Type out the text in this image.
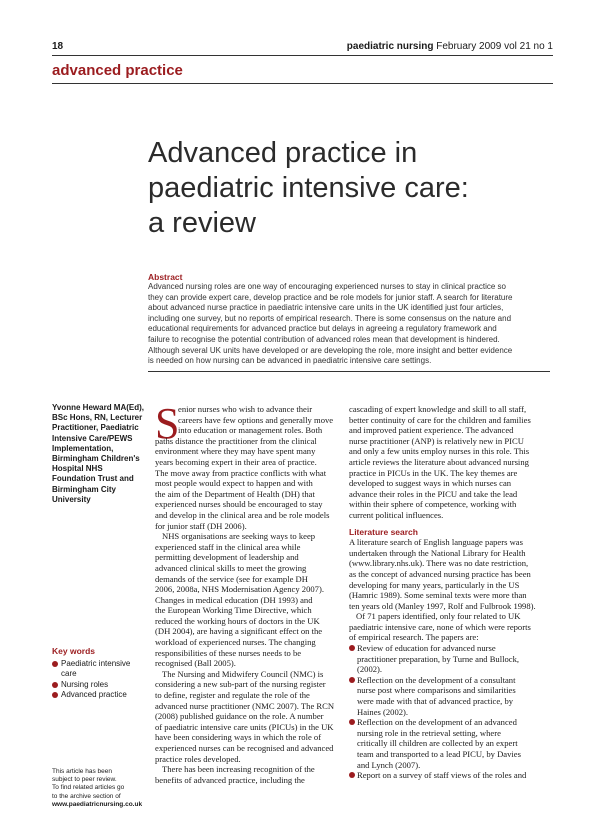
18	paediatric nursing February 2009 vol 21 no 1
advanced practice
Advanced practice in
paediatric intensive care:
a review
Abstract
Advanced nursing roles are one way of encouraging experienced nurses to stay in clinical practice so
they can provide expert care, develop practice and be role models for junior staff. A search for literature
about advanced nurse practice in paediatric intensive care units in the UK identified just four articles,
including one survey, but no reports of empirical research. There is some consensus on the nature and
educational requirements for advanced practice but delays in agreeing a regulatory framework and
failure to recognise the potential contribution of advanced roles mean that development is hindered.
Although several UK units have developed or are developing the role, more insight and better evidence
is needed on how nursing can be advanced in paediatric intensive care settings.
Yvonne Heward MA(Ed),
BSc Hons, RN, Lecturer
Practitioner, Paediatric
Intensive Care/PEWS
Implementation,
Birmingham Children's
Hospital NHS
Foundation Trust and
Birmingham City
University
Key words
Paediatric intensive
care
Nursing roles
Advanced practice
This article has been
subject to peer review.
To find related articles go
to the archive section of
www.paediatricnursing.co.uk
S
enior nurses who wish to advance their
careers have few options and generally move
into education or management roles. Both
paths distance the practitioner from the clinical
environment where they may have spent many
years becoming expert in their area of practice.
The move away from practice conflicts with what
most people would expect to happen and with
the aim of the Department of Health (DH) that
experienced nurses should be encouraged to stay
and develop in the clinical area and be role models
for junior staff (DH 2006).
NHS organisations are seeking ways to keep
experienced staff in the clinical area while
permitting development of leadership and
advanced clinical skills to meet the growing
demands of the service (see for example DH
2006, 2008a, NHS Modernisation Agency 2007).
Changes in medical education (DH 1993) and
the European Working Time Directive, which
reduced the working hours of doctors in the UK
(DH 2004), are having a significant effect on the
workload of experienced nurses. The changing
responsibilities of these nurses needs to be
recognised (Ball 2005).
The Nursing and Midwifery Council (NMC) is
considering a new sub-part of the nursing register
to define, register and regulate the role of the
advanced nurse practitioner (NMC 2007). The RCN
(2008) published guidance on the role. A number
of paediatric intensive care units (PICUs) in the UK
have been considering ways in which the role of
experienced nurses can be recognised and advanced
practice roles developed.
There has been increasing recognition of the
benefits of advanced practice, including the
cascading of expert knowledge and skill to all staff,
better continuity of care for the children and families
and improved patient experience. The advanced
nurse practitioner (ANP) is relatively new in PICU
and only a few units employ nurses in this role. This
article reviews the literature about advanced nursing
practice in PICUs in the UK. The key themes are
developed to suggest ways in which nurses can
advance their roles in the PICU and take the lead
within their sphere of competence, working with
current political influences.
Literature search
A literature search of English language papers was
undertaken through the National Library for Health
(www.library.nhs.uk). There was no date restriction,
as the concept of advanced nursing practice has been
developing for many years, particularly in the US
(Hamric 1989). Some seminal texts were more than
ten years old (Manley 1997, Rolf and Fulbrook 1998).
Of 71 papers identified, only four related to UK
paediatric intensive care, none of which were reports
of empirical research. The papers are:
Review of education for advanced nurse
practitioner preparation, by Turne and Bullock,
(2002).
Reflection on the development of a consultant
nurse post where comparisons and similarities
were made with that of advanced practice, by
Haines (2002).
Reflection on the development of an advanced
nursing role in the retrieval setting, where
critically ill children are collected by an expert
team and transported to a lead PICU, by Davies
and Lynch (2007).
Report on a survey of staff views of the roles and
